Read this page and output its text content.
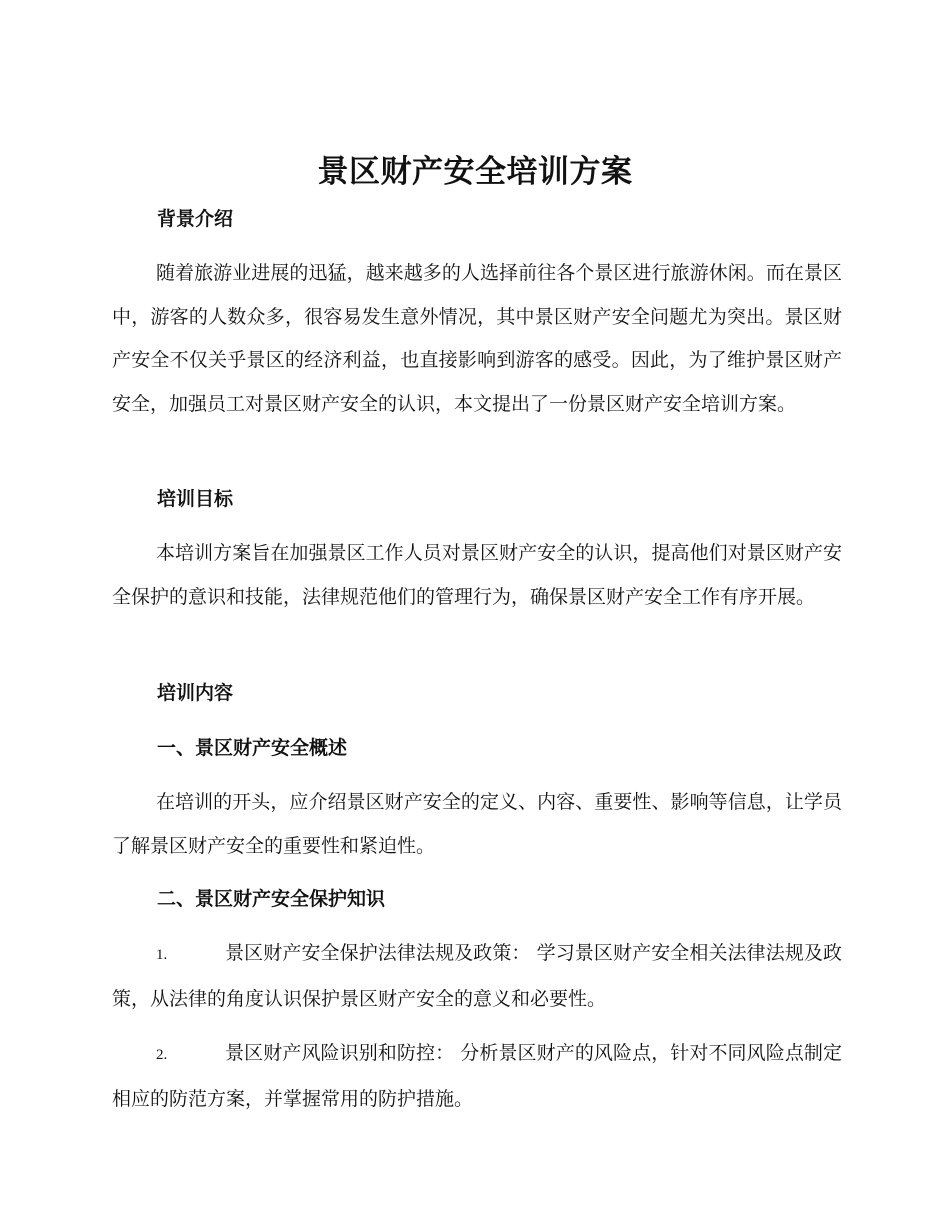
景区财产安全培训方案
背景介绍

随着旅游业进展的迅猛，越来越多的人选择前往各个景区进行旅游休闲。而在景区中，游客的人数众多，很容易发生意外情况，其中景区财产安全问题尤为突出。景区财产安全不仅关乎景区的经济利益，也直接影响到游客的感受。因此，为了维护景区财产安全，加强员工对景区财产安全的认识，本文提出了一份景区财产安全培训方案。

培训目标

本培训方案旨在加强景区工作人员对景区财产安全的认识，提高他们对景区财产安全保护的意识和技能，法律规范他们的管理行为，确保景区财产安全工作有序开展。

培训内容
一、景区财产安全概述

在培训的开头，应介绍景区财产安全的定义、内容、重要性、影响等信息，让学员了解景区财产安全的重要性和紧迫性。

二、景区财产安全保护知识

1.	景区财产安全保护法律法规及政策： 学习景区财产安全相关法律法规及政策，从法律的角度认识保护景区财产安全的意义和必要性。

2.	景区财产风险识别和防控： 分析景区财产的风险点，针对不同风险点制定相应的防范方案，并掌握常用的防护措施。
